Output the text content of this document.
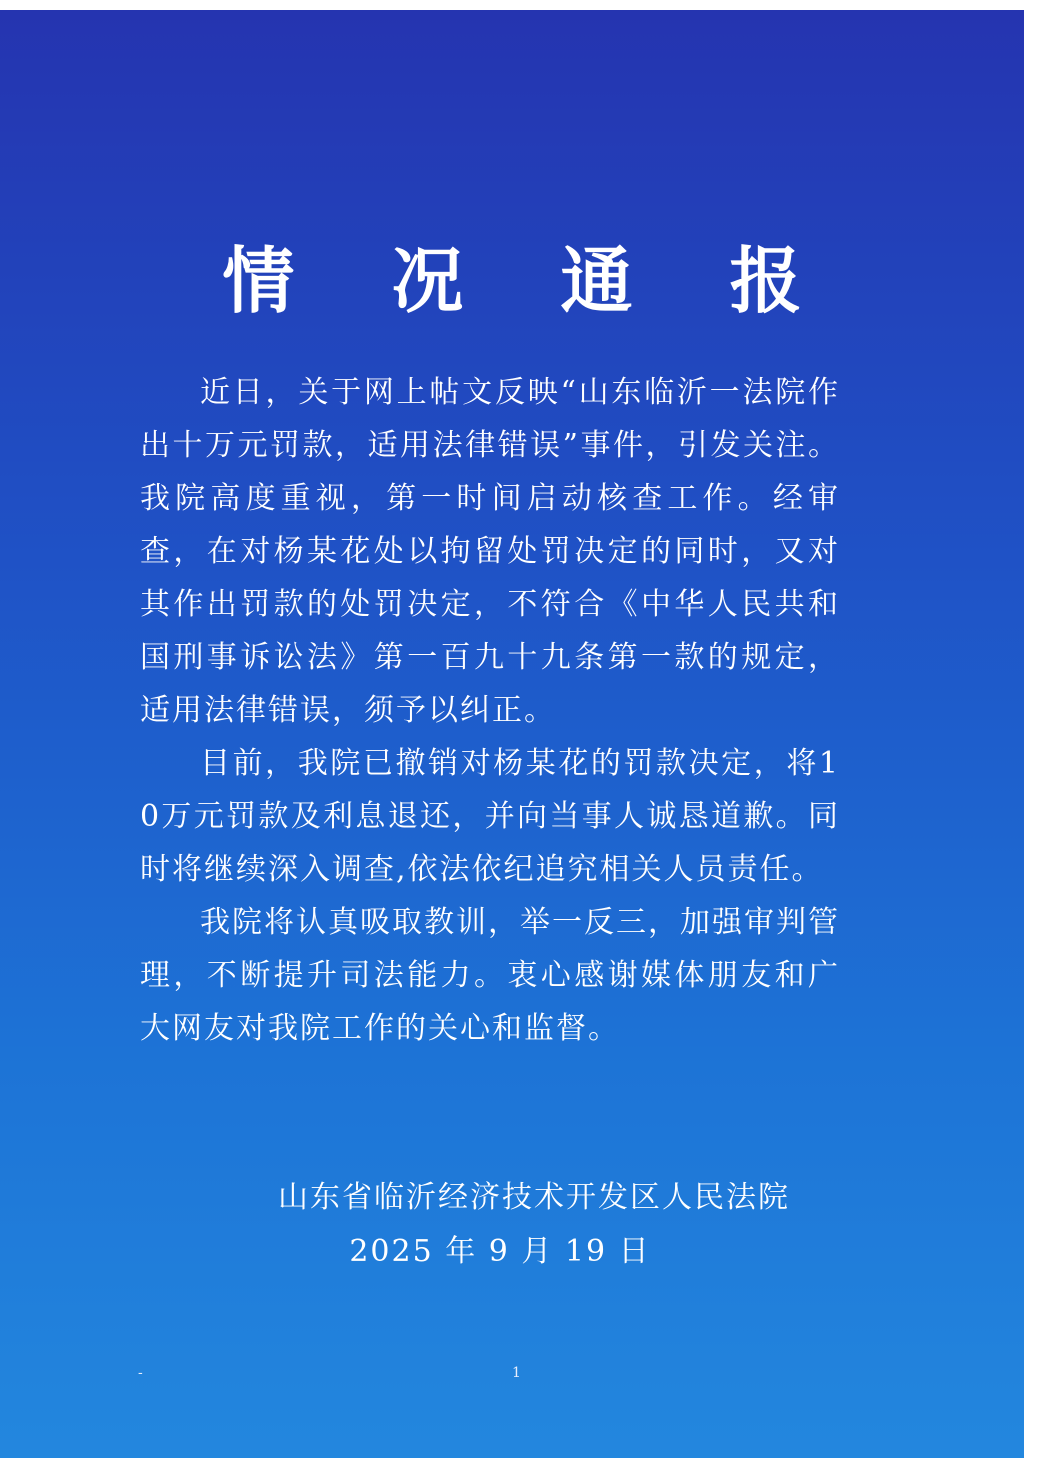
情 况 通 报

近日，关于网上帖文反映“山东临沂一法院作出十万元罚款，适用法律错误”事件，引发关注。我院高度重视，第一时间启动核查工作。经审查，在对杨某花处以拘留处罚决定的同时，又对其作出罚款的处罚决定，不符合《中华人民共和国刑事诉讼法》第一百九十九条第一款的规定，适用法律错误，须予以纠正。

目前，我院已撤销对杨某花的罚款决定，将10万元罚款及利息退还，并向当事人诚恳道歉。同时将继续深入调查,依法依纪追究相关人员责任。

我院将认真吸取教训，举一反三，加强审判管理，不断提升司法能力。衷心感谢媒体朋友和广大网友对我院工作的关心和监督。

山东省临沂经济技术开发区人民法院
2025 年 9 月 19 日
-	1
